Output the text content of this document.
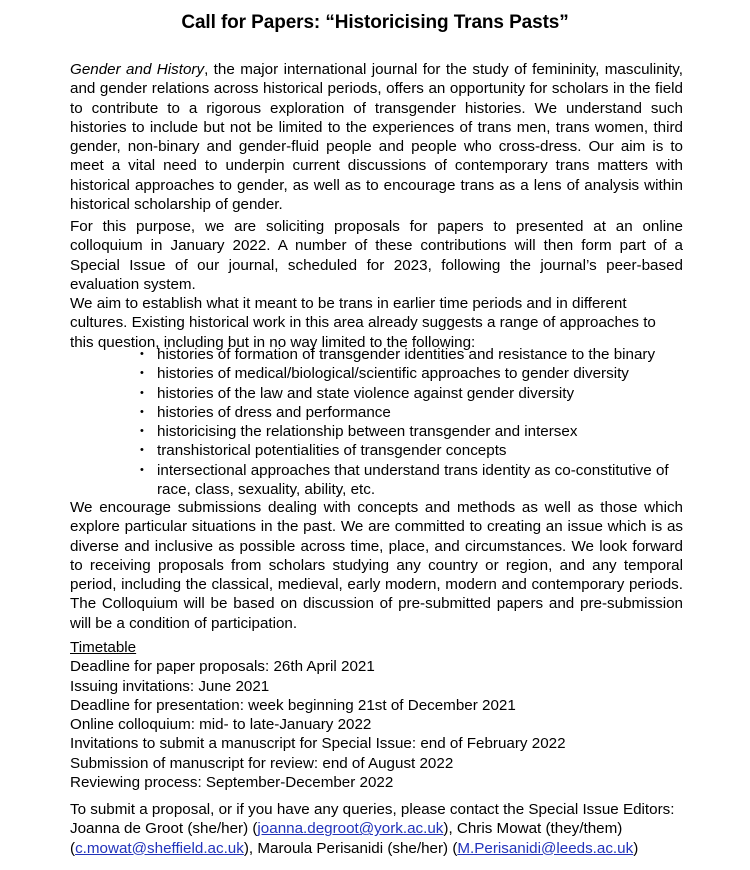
Call for Papers: “Historicising Trans Pasts”

Gender and History, the major international journal for the study of femininity, masculinity, and gender relations across historical periods, offers an opportunity for scholars in the field to contribute to a rigorous exploration of transgender histories. We understand such histories to include but not be limited to the experiences of trans men, trans women, third gender, non-binary and gender-fluid people and people who cross-dress. Our aim is to meet a vital need to underpin current discussions of contemporary trans matters with historical approaches to gender, as well as to encourage trans as a lens of analysis within historical scholarship of gender.

For this purpose, we are soliciting proposals for papers to presented at an online colloquium in January 2022. A number of these contributions will then form part of a Special Issue of our journal, scheduled for 2023, following the journal’s peer-based evaluation system.

We aim to establish what it meant to be trans in earlier time periods and in different cultures. Existing historical work in this area already suggests a range of approaches to this question, including but in no way limited to the following:

• histories of formation of transgender identities and resistance to the binary
• histories of medical/biological/scientific approaches to gender diversity
• histories of the law and state violence against gender diversity
• histories of dress and performance
• historicising the relationship between transgender and intersex
• transhistorical potentialities of transgender concepts
• intersectional approaches that understand trans identity as co-constitutive of race, class, sexuality, ability, etc.

We encourage submissions dealing with concepts and methods as well as those which explore particular situations in the past. We are committed to creating an issue which is as diverse and inclusive as possible across time, place, and circumstances. We look forward to receiving proposals from scholars studying any country or region, and any temporal period, including the classical, medieval, early modern, modern and contemporary periods. The Colloquium will be based on discussion of pre-submitted papers and pre-submission will be a condition of participation.

Timetable
Deadline for paper proposals: 26th April 2021
Issuing invitations: June 2021
Deadline for presentation: week beginning 21st of December 2021
Online colloquium: mid- to late-January 2022
Invitations to submit a manuscript for Special Issue: end of February 2022
Submission of manuscript for review: end of August 2022
Reviewing process: September-December 2022
To submit a proposal, or if you have any queries, please contact the Special Issue Editors:
Joanna de Groot (she/her) (joanna.degroot@york.ac.uk), Chris Mowat (they/them)
(c.mowat@sheffield.ac.uk), Maroula Perisanidi (she/her) (M.Perisanidi@leeds.ac.uk)
